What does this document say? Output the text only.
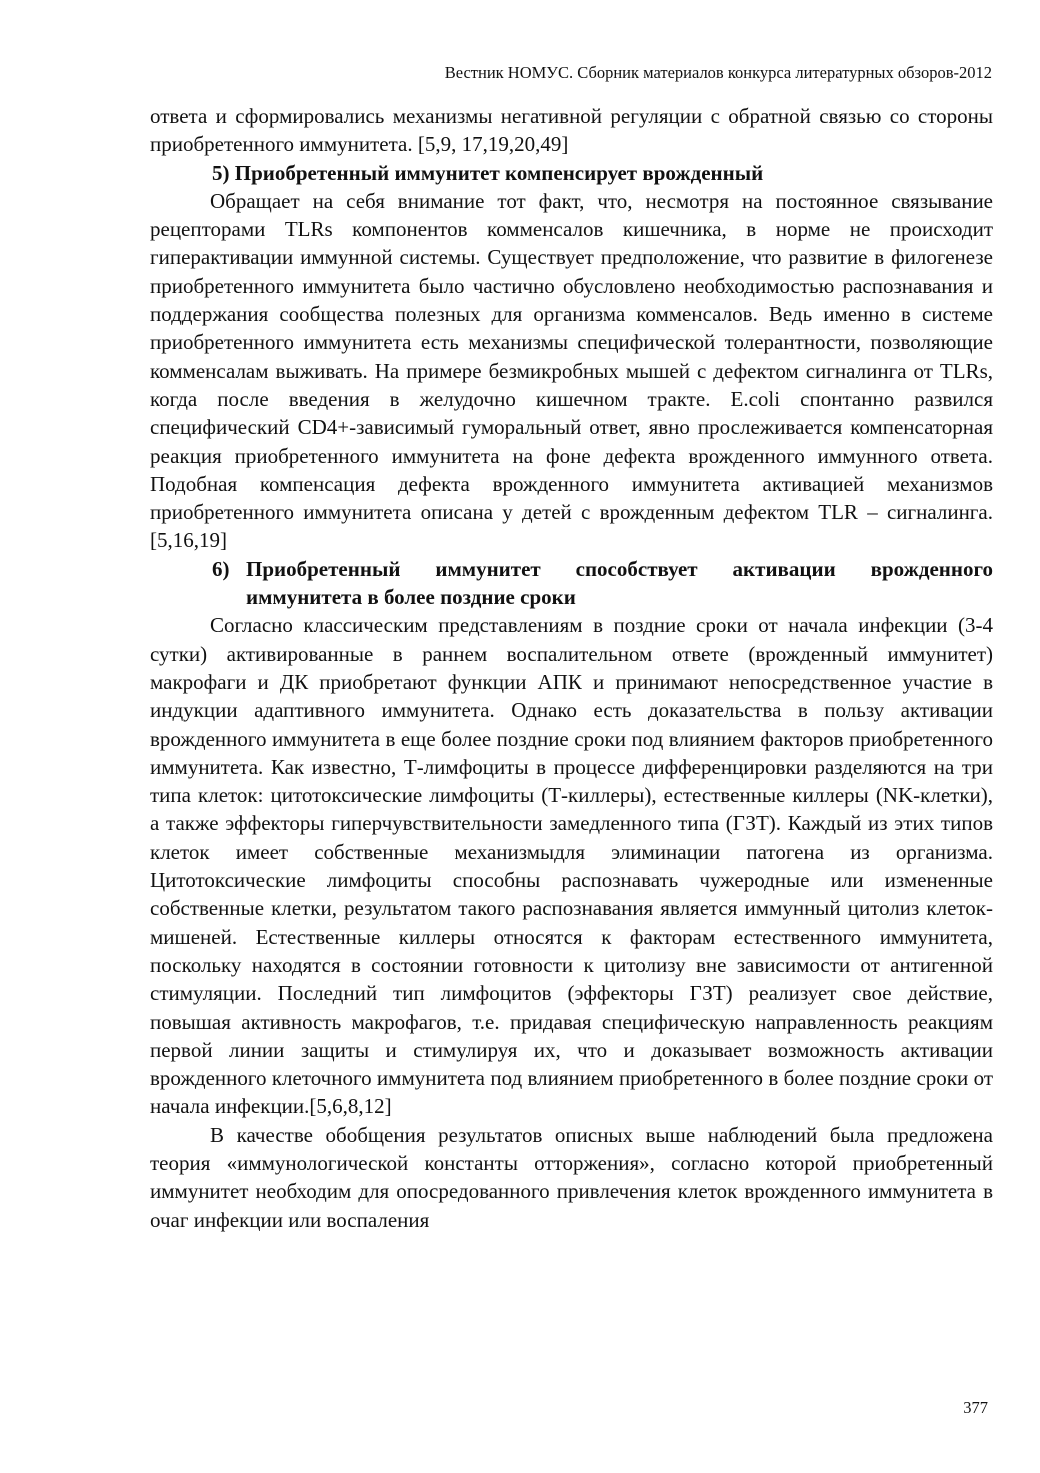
Вестник НОМУС. Сборник материалов конкурса литературных обзоров-2012

ответа и сформировались механизмы негативной регуляции с обратной связью со стороны приобретенного иммунитета. [5,9, 17,19,20,49]

5) Приобретенный иммунитет компенсирует врожденный

Обращает на себя внимание тот факт, что, несмотря на постоянное связывание рецепторами TLRs компонентов комменсалов кишечника, в норме не происходит гиперактивации иммунной системы. Существует предположение, что развитие в филогенезе приобретенного иммунитета было частично обусловлено необходимостью распознавания и поддержания сообщества полезных для организма комменсалов. Ведь именно в системе приобретенного иммунитета есть механизмы специфической толерантности, позволяющие комменсалам выживать. На примере безмикробных мышей с дефектом сигналинга от TLRs, когда после введения в желудочно кишечном тракте. E.coli спонтанно развился специфический CD4+-зависимый гуморальный ответ, явно прослеживается компенсаторная реакция приобретенного иммунитета на фоне дефекта врожденного иммунного ответа. Подобная компенсация дефекта врожденного иммунитета активацией механизмов приобретенного иммунитета описана у детей с врожденным дефектом TLR – сигналинга. [5,16,19]

6) Приобретенный иммунитет способствует активации врожденного иммунитета в более поздние сроки

Согласно классическим представлениям в поздние сроки от начала инфекции (3-4 сутки) активированные в раннем воспалительном ответе (врожденный иммунитет) макрофаги и ДК приобретают функции АПК и принимают непосредственное участие в индукции адаптивного иммунитета. Однако есть доказательства в пользу активации врожденного иммунитета в еще более поздние сроки под влиянием факторов приобретенного иммунитета. Как известно, Т-лимфоциты в процессе дифференцировки разделяются на три типа клеток: цитотоксические лимфоциты (Т-киллеры), естественные киллеры (NK-клетки), а также эффекторы гиперчувствительности замедленного типа (ГЗТ). Каждый из этих типов клеток имеет собственные механизмыдля элиминации патогена из организма. Цитотоксические лимфоциты способны распознавать чужеродные или измененные собственные клетки, результатом такого распознавания является иммунный цитолиз клеток-мишеней. Естественные киллеры относятся к факторам естественного иммунитета, поскольку находятся в состоянии готовности к цитолизу вне зависимости от антигенной стимуляции. Последний тип лимфоцитов (эффекторы ГЗТ) реализует свое действие, повышая активность макрофагов, т.е. придавая специфическую направленность реакциям первой линии защиты и стимулируя их, что и доказывает возможность активации врожденного клеточного иммунитета под влиянием приобретенного в более поздние сроки от начала инфекции.[5,6,8,12]

В качестве обобщения результатов описных выше наблюдений была предложена теория «иммунологической константы отторжения», согласно которой приобретенный иммунитет необходим для опосредованного привлечения клеток врожденного иммунитета в очаг инфекции или воспаления

377
